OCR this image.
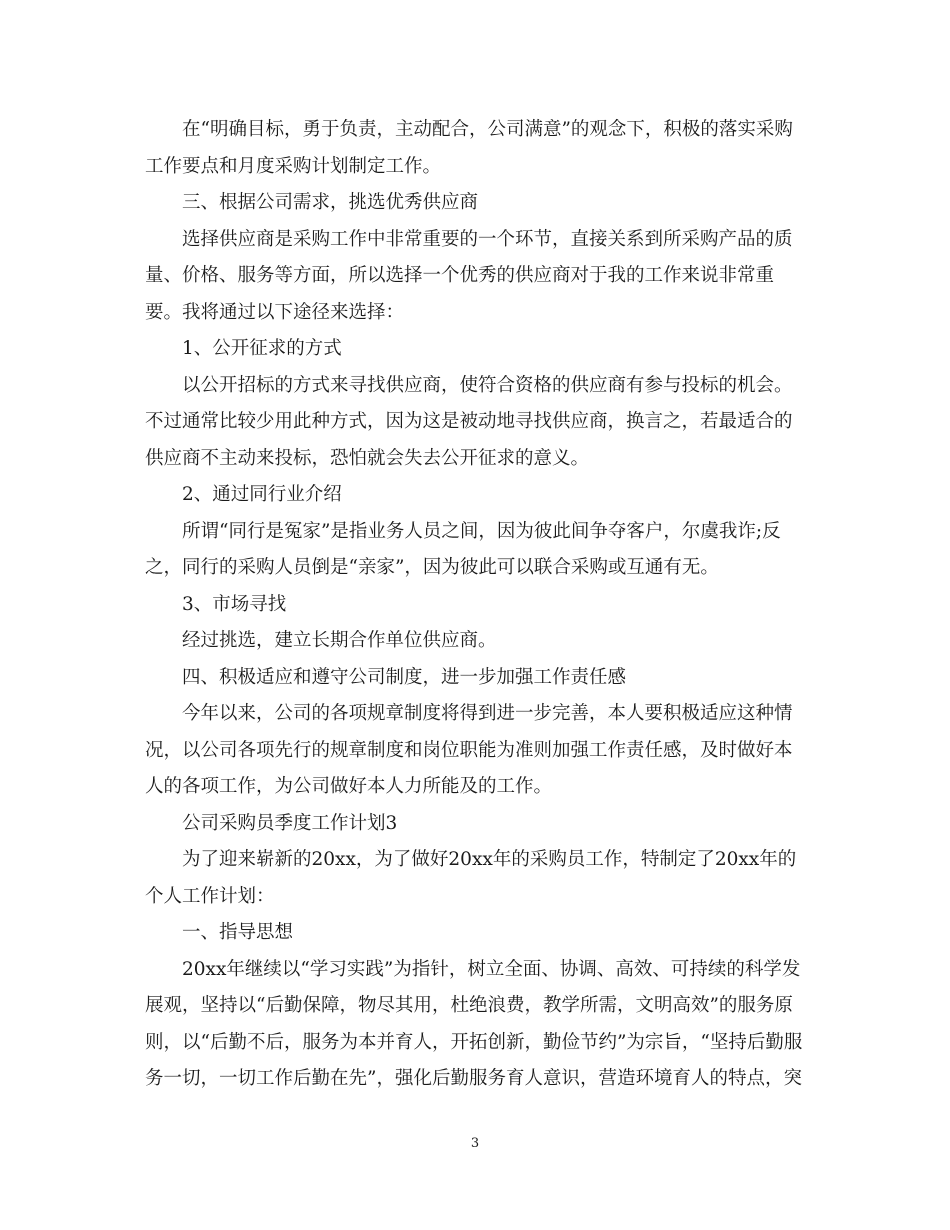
在“明确目标，勇于负责，主动配合，公司满意”的观念下，积极的落实采购
工作要点和月度采购计划制定工作。
三、根据公司需求，挑选优秀供应商
选择供应商是采购工作中非常重要的一个环节，直接关系到所采购产品的质
量、价格、服务等方面，所以选择一个优秀的供应商对于我的工作来说非常重
要。我将通过以下途径来选择：
1、公开征求的方式
以公开招标的方式来寻找供应商，使符合资格的供应商有参与投标的机会。
不过通常比较少用此种方式，因为这是被动地寻找供应商，换言之，若最适合的
供应商不主动来投标，恐怕就会失去公开征求的意义。
2、通过同行业介绍
所谓“同行是冤家”是指业务人员之间，因为彼此间争夺客户，尔虞我诈;反
之，同行的采购人员倒是“亲家”，因为彼此可以联合采购或互通有无。
3、市场寻找
经过挑选，建立长期合作单位供应商。
四、积极适应和遵守公司制度，进一步加强工作责任感
今年以来，公司的各项规章制度将得到进一步完善，本人要积极适应这种情
况，以公司各项先行的规章制度和岗位职能为准则加强工作责任感，及时做好本
人的各项工作，为公司做好本人力所能及的工作。
公司采购员季度工作计划3
为了迎来崭新的20xx，为了做好20xx年的采购员工作，特制定了20xx年的
个人工作计划：
一、指导思想
20xx年继续以“学习实践”为指针，树立全面、协调、高效、可持续的科学发
展观，坚持以“后勤保障，物尽其用，杜绝浪费，教学所需，文明高效”的服务原
则，以“后勤不后，服务为本并育人，开拓创新，勤俭节约”为宗旨，“坚持后勤服
务一切，一切工作后勤在先”，强化后勤服务育人意识，营造环境育人的特点，突
3
